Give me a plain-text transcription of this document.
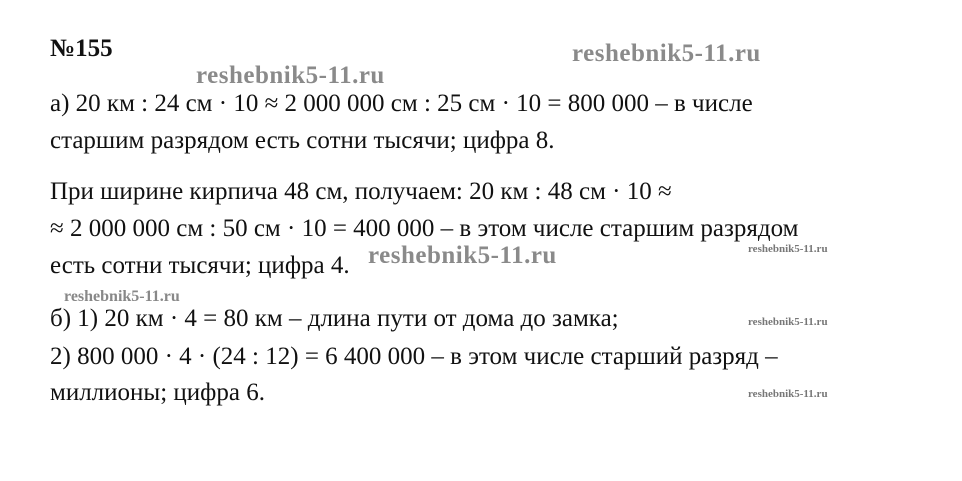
№155
а) 20 км : 24 см · 10 ≈ 2 000 000 см : 25 см · 10 = 800 000 – в числе
старшим разрядом есть сотни тысячи; цифра 8.
При ширине кирпича 48 см, получаем: 20 км : 48 см · 10 ≈
≈ 2 000 000 см : 50 см · 10 = 400 000 – в этом числе старшим разрядом
есть сотни тысячи; цифра 4.
б) 1) 20 км · 4 = 80 км – длина пути от дома до замка;
2) 800 000 · 4 · (24 : 12) = 6 400 000 – в этом числе старший разряд –
миллионы; цифра 6.
reshebnik5-11.ru
reshebnik5-11.ru
reshebnik5-11.ru
reshebnik5-11.ru
reshebnik5-11.ru
reshebnik5-11.ru
reshebnik5-11.ru
